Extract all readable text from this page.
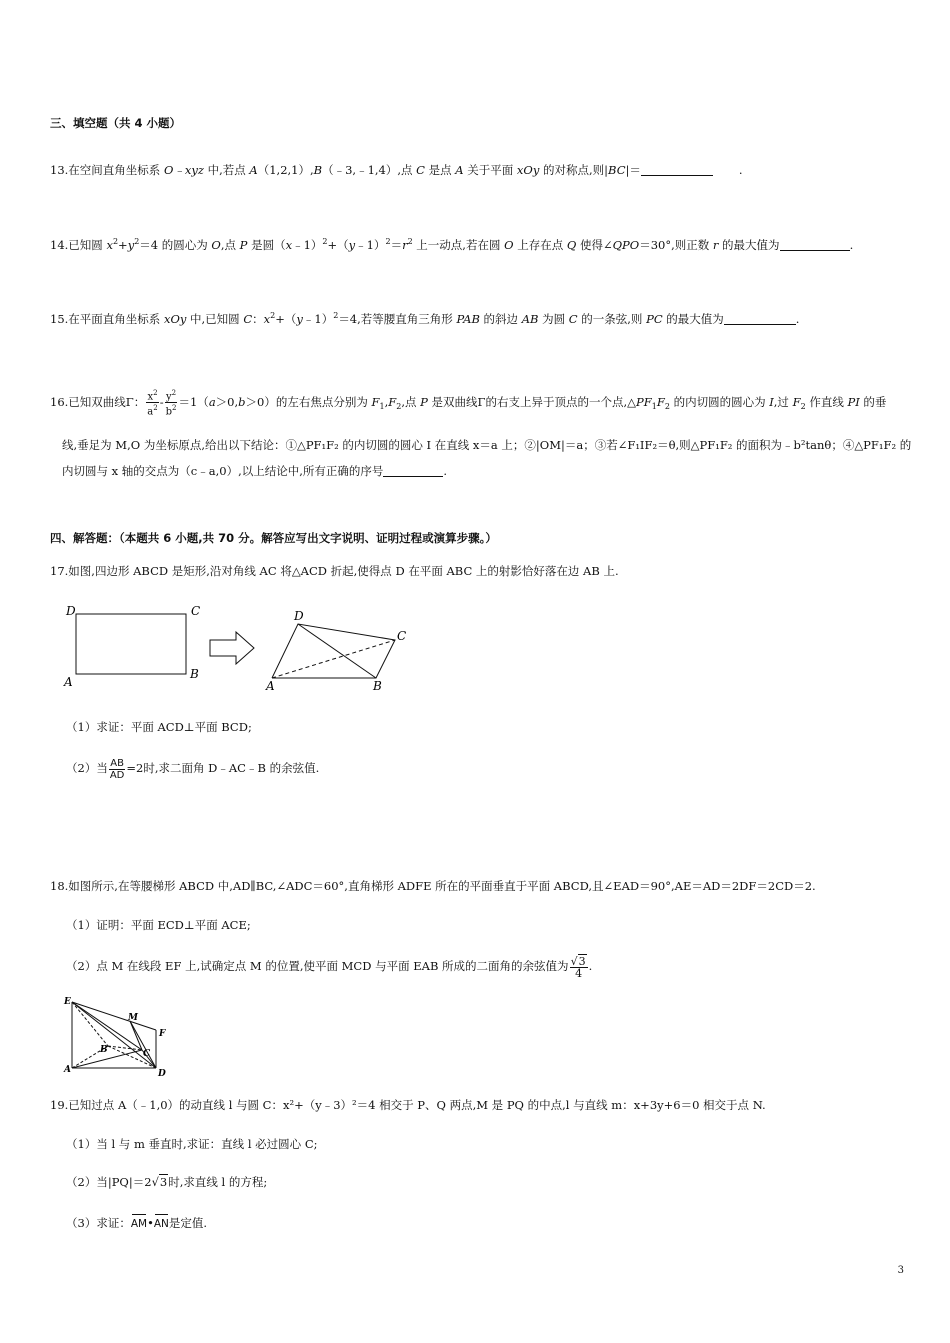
三、填空题（共 4 小题）
13.在空间直角坐标系 O﹣xyz 中,若点 A（1,2,1）,B（﹣3,﹣1,4）,点 C 是点 A 关于平面 xOy 的对称点,则|BC|＝	.
14.已知圆 $x^2+y^2=4$ 的圆心为 O,点 P 是圆$(x﹣1)^2+(y﹣1)^2=r^2$ 上一动点,若在圆 O 上存在点 Q 使得∠QPO＝30°,则正数 r 的最大值为	.
15.在平面直角坐标系 xOy 中,已知圆 C：$x^2+(y﹣1)^2=4$,若等腰直角三角形 PAB 的斜边 AB 为圆 C 的一条弦,则 PC 的最大值为	.
16.已知双曲线Γ： $\frac{x^2}{a^2} - \frac{y^2}{b^2} =1(a>0,b>0)$的左右焦点分别为 $F_1,F_2$,点 P 是双曲线Γ的右支上异于顶点的一个点$,\triangle PF_1F_2$ 的内切圆的圆心为 I,过 $F_2$ 作直线 PI 的垂
线,垂足为 M,O 为坐标原点,给出以下结论：①△PF₁F₂ 的内切圆的圆心 I 在直线 x＝a 上；②|OM|＝a；③若∠F₁IF₂＝θ,则△PF₁F₂ 的面积为﹣b²tanθ；④△PF₁F₂ 的
内切圆与 x 轴的交点为（c﹣a,0）,以上结论中,所有正确的序号	.
四、解答题：（本题共 6 小题,共 70 分。解答应写出文字说明、证明过程或演算步骤。）
17.如图,四边形 ABCD 是矩形,沿对角线 AC 将△ACD 折起,使得点 D 在平面 ABC 上的射影恰好落在边 AB 上.
D	C
A
B
D
C
A	B
（1）求证：平面 ACD⊥平面 BCD;
（2）当 $\frac{AB}{AD} =2$时,求二面角 D﹣AC﹣B 的余弦值.
18.如图所示,在等腰梯形 ABCD 中,AD∥BC,∠ADC＝60°,直角梯形 ADFE 所在的平面垂直于平面 ABCD,且∠EAD＝90°,AE＝AD＝2DF＝2CD＝2.
（1）证明：平面 ECD⊥平面 ACE;
（2）点 M 在线段 EF 上,试确定点 M 的位置,使平面 MCD 与平面 EAB 所成的二面角的余弦值为 $\frac{√3}{4}$ .
E
M
F
A
B	C
D
19.已知过点 A（﹣1,0）的动直线 l 与圆 C：x²+（y﹣3）²＝4 相交于 P、Q 两点,M 是 PQ 的中点,l 与直线 m：x+3y+6＝0 相交于点 N.
（1）当 l 与 m 垂直时,求证：直线 l 必过圆心 C;
（2）当|PQ|＝2√3时,求直线 l 的方程;
（3）求证：AM•AN是定值.
3
